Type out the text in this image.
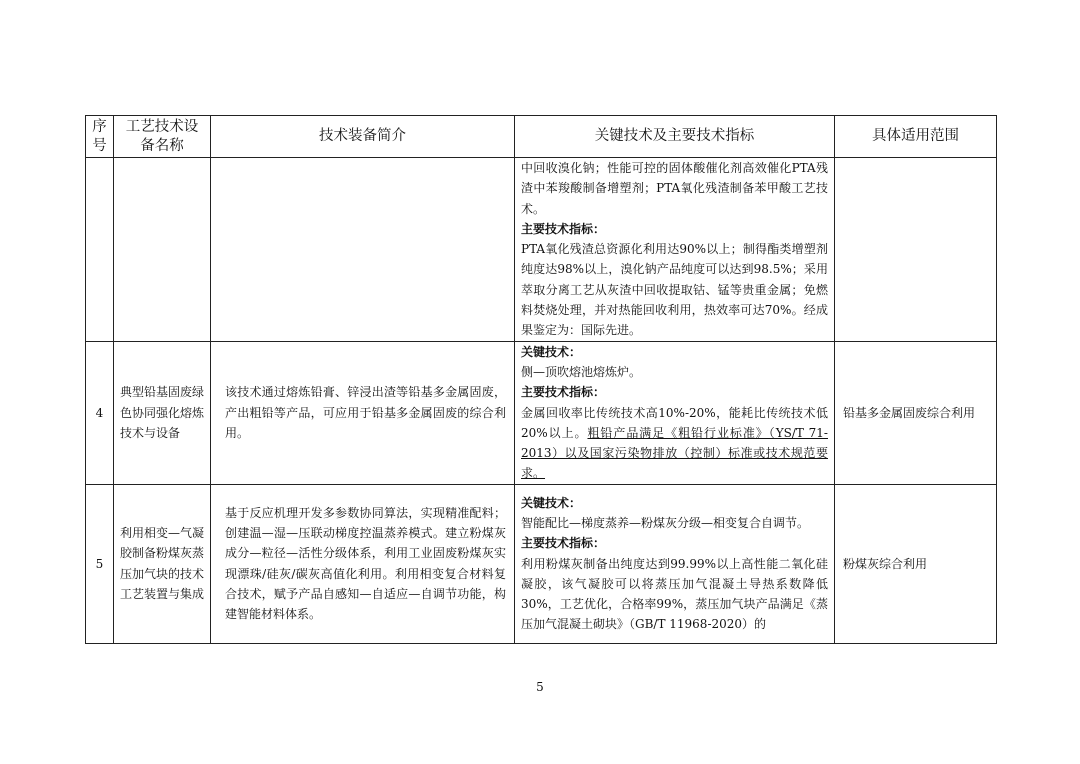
序号	工艺技术设备名称	技术装备简介	关键技术及主要技术指标	具体适用范围

			中回收溴化钠；性能可控的固体酸催化剂高效催化PTA残渣中苯羧酸制备增塑剂；PTA氧化残渣制备苯甲酸工艺技术。
主要技术指标：
PTA氧化残渣总资源化利用达90%以上；制得酯类增塑剂纯度达98%以上，溴化钠产品纯度可以达到98.5%；采用萃取分离工艺从灰渣中回收提取钴、锰等贵重金属；免燃料焚烧处理，并对热能回收利用，热效率可达70%。经成果鉴定为：国际先进。	

4	典型铅基固废绿色协同强化熔炼技术与设备	该技术通过熔炼铅膏、锌浸出渣等铅基多金属固废，产出粗铅等产品，可应用于铅基多金属固废的综合利用。	关键技术：
侧—顶吹熔池熔炼炉。
主要技术指标：
金属回收率比传统技术高10%-20%，能耗比传统技术低20%以上。粗铅产品满足《粗铅行业标准》（YS/T 71-2013）以及国家污染物排放（控制）标准或技术规范要求。	铅基多金属固废综合利用
5	利用相变—气凝胶制备粉煤灰蒸压加气块的技术工艺装置与集成	基于反应机理开发多参数协同算法，实现精准配料；创建温—湿—压联动梯度控温蒸养模式。建立粉煤灰成分—粒径—活性分级体系，利用工业固废粉煤灰实现漂珠/硅灰/碳灰高值化利用。利用相变复合材料复合技术，赋予产品自感知—自适应—自调节功能，构建智能材料体系。	关键技术：
智能配比—梯度蒸养—粉煤灰分级—相变复合自调节。
主要技术指标：
利用粉煤灰制备出纯度达到99.99%以上高性能二氧化硅凝胶，该气凝胶可以将蒸压加气混凝土导热系数降低30%，工艺优化，合格率99%，蒸压加气块产品满足《蒸压加气混凝土砌块》（GB/T 11968-2020）的	粉煤灰综合利用
5
